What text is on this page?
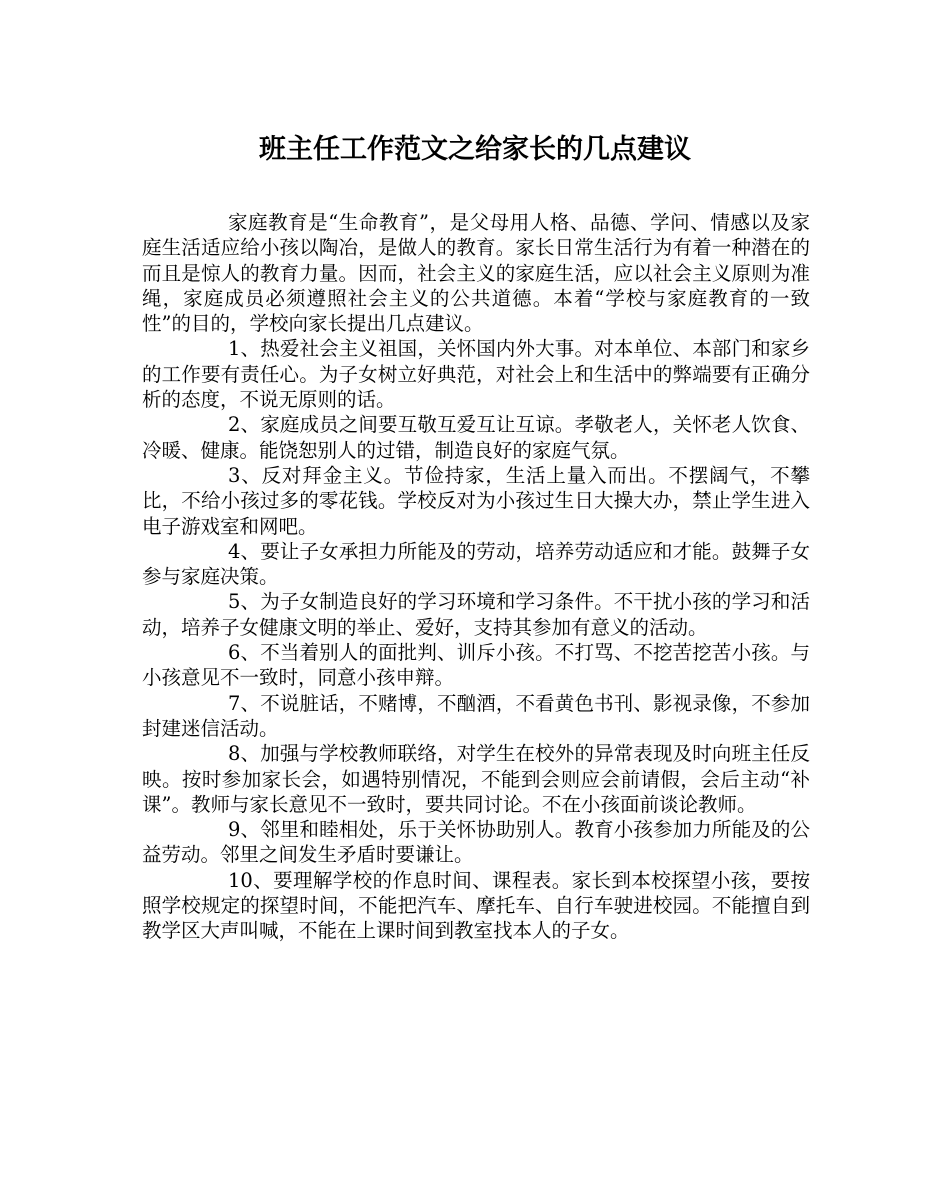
班主任工作范文之给家长的几点建议

家庭教育是“生命教育”，是父母用人格、品德、学问、情感以及家庭生活适应给小孩以陶冶，是做人的教育。家长日常生活行为有着一种潜在的而且是惊人的教育力量。因而，社会主义的家庭生活，应以社会主义原则为准绳，家庭成员必须遵照社会主义的公共道德。本着“学校与家庭教育的一致性”的目的，学校向家长提出几点建议。

1、热爱社会主义祖国，关怀国内外大事。对本单位、本部门和家乡的工作要有责任心。为子女树立好典范，对社会上和生活中的弊端要有正确分析的态度，不说无原则的话。

2、家庭成员之间要互敬互爱互让互谅。孝敬老人，关怀老人饮食、冷暖、健康。能饶恕别人的过错，制造良好的家庭气氛。

3、反对拜金主义。节俭持家，生活上量入而出。不摆阔气，不攀比，不给小孩过多的零花钱。学校反对为小孩过生日大操大办，禁止学生进入电子游戏室和网吧。

4、要让子女承担力所能及的劳动，培养劳动适应和才能。鼓舞子女参与家庭决策。

5、为子女制造良好的学习环境和学习条件。不干扰小孩的学习和活动，培养子女健康文明的举止、爱好，支持其参加有意义的活动。

6、不当着别人的面批判、训斥小孩。不打骂、不挖苦挖苦小孩。与小孩意见不一致时，同意小孩申辩。

7、不说脏话，不赌博，不酗酒，不看黄色书刊、影视录像，不参加封建迷信活动。

8、加强与学校教师联络，对学生在校外的异常表现及时向班主任反映。按时参加家长会，如遇特别情况，不能到会则应会前请假，会后主动“补课”。教师与家长意见不一致时，要共同讨论。不在小孩面前谈论教师。

9、邻里和睦相处，乐于关怀协助别人。教育小孩参加力所能及的公益劳动。邻里之间发生矛盾时要谦让。

10、要理解学校的作息时间、课程表。家长到本校探望小孩，要按照学校规定的探望时间，不能把汽车、摩托车、自行车驶进校园。不能擅自到教学区大声叫喊，不能在上课时间到教室找本人的子女。
